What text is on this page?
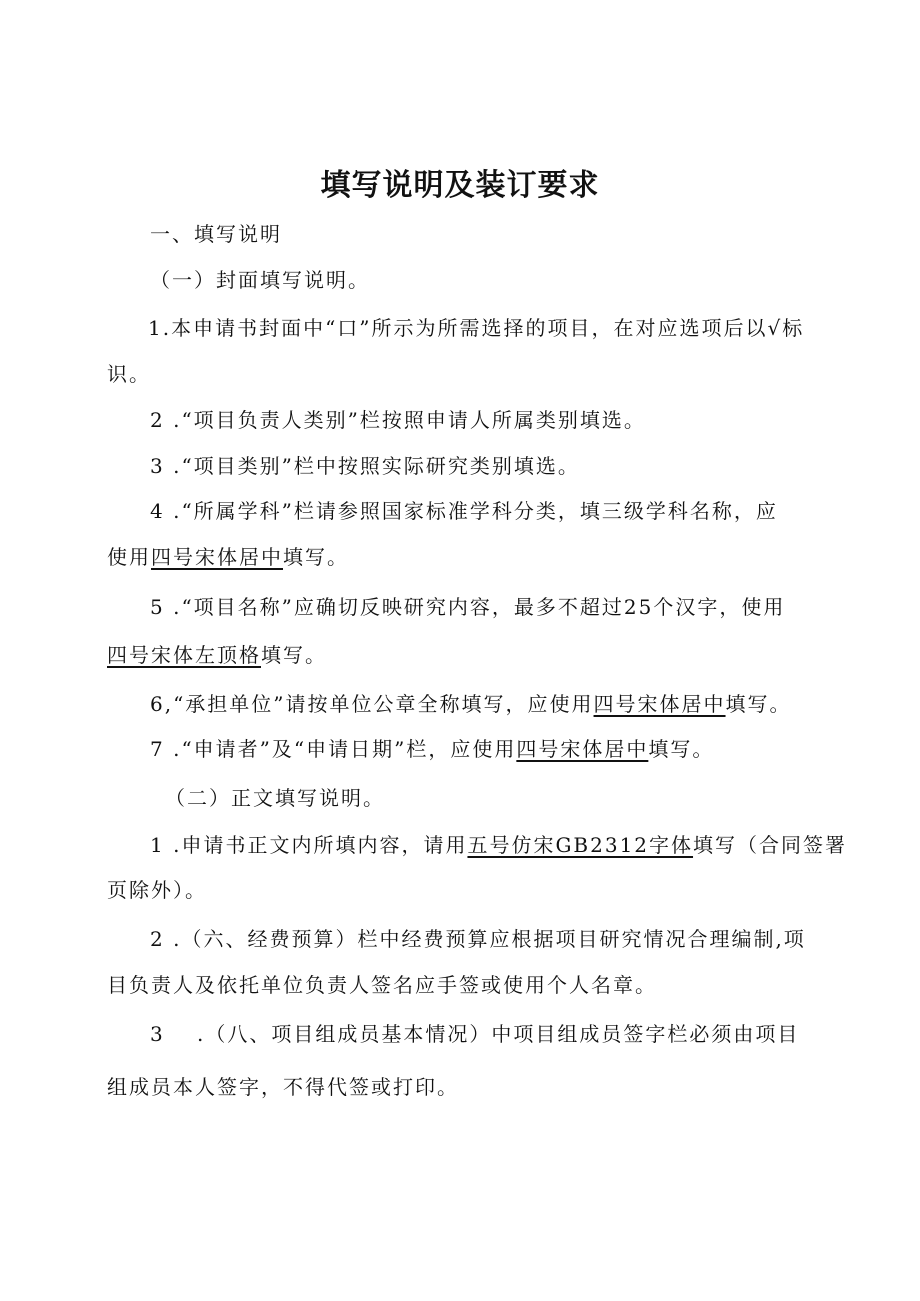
填写说明及装订要求

一、填写说明

（一）封面填写说明。

1.本申请书封面中“口”所示为所需选择的项目，在对应选项后以√标

识。

2 .“项目负责人类别”栏按照申请人所属类别填选。

3 .“项目类别”栏中按照实际研究类别填选。

4 .“所属学科”栏请参照国家标准学科分类，填三级学科名称，应

使用四号宋体居中填写。

5 .“项目名称”应确切反映研究内容，最多不超过25个汉字，使用

四号宋体左顶格填写。

6,“承担单位”请按单位公章全称填写，应使用四号宋体居中填写。

7 .“申请者”及“申请日期”栏，应使用四号宋体居中填写。

（二）正文填写说明。

1 .申请书正文内所填内容，请用五号仿宋GB2312字体填写（合同签署

页除外）。

2 .（六、经费预算）栏中经费预算应根据项目研究情况合理编制,项

目负责人及依托单位负责人签名应手签或使用个人名章。

3 .（八、项目组成员基本情况）中项目组成员签字栏必须由项目

组成员本人签字，不得代签或打印。
